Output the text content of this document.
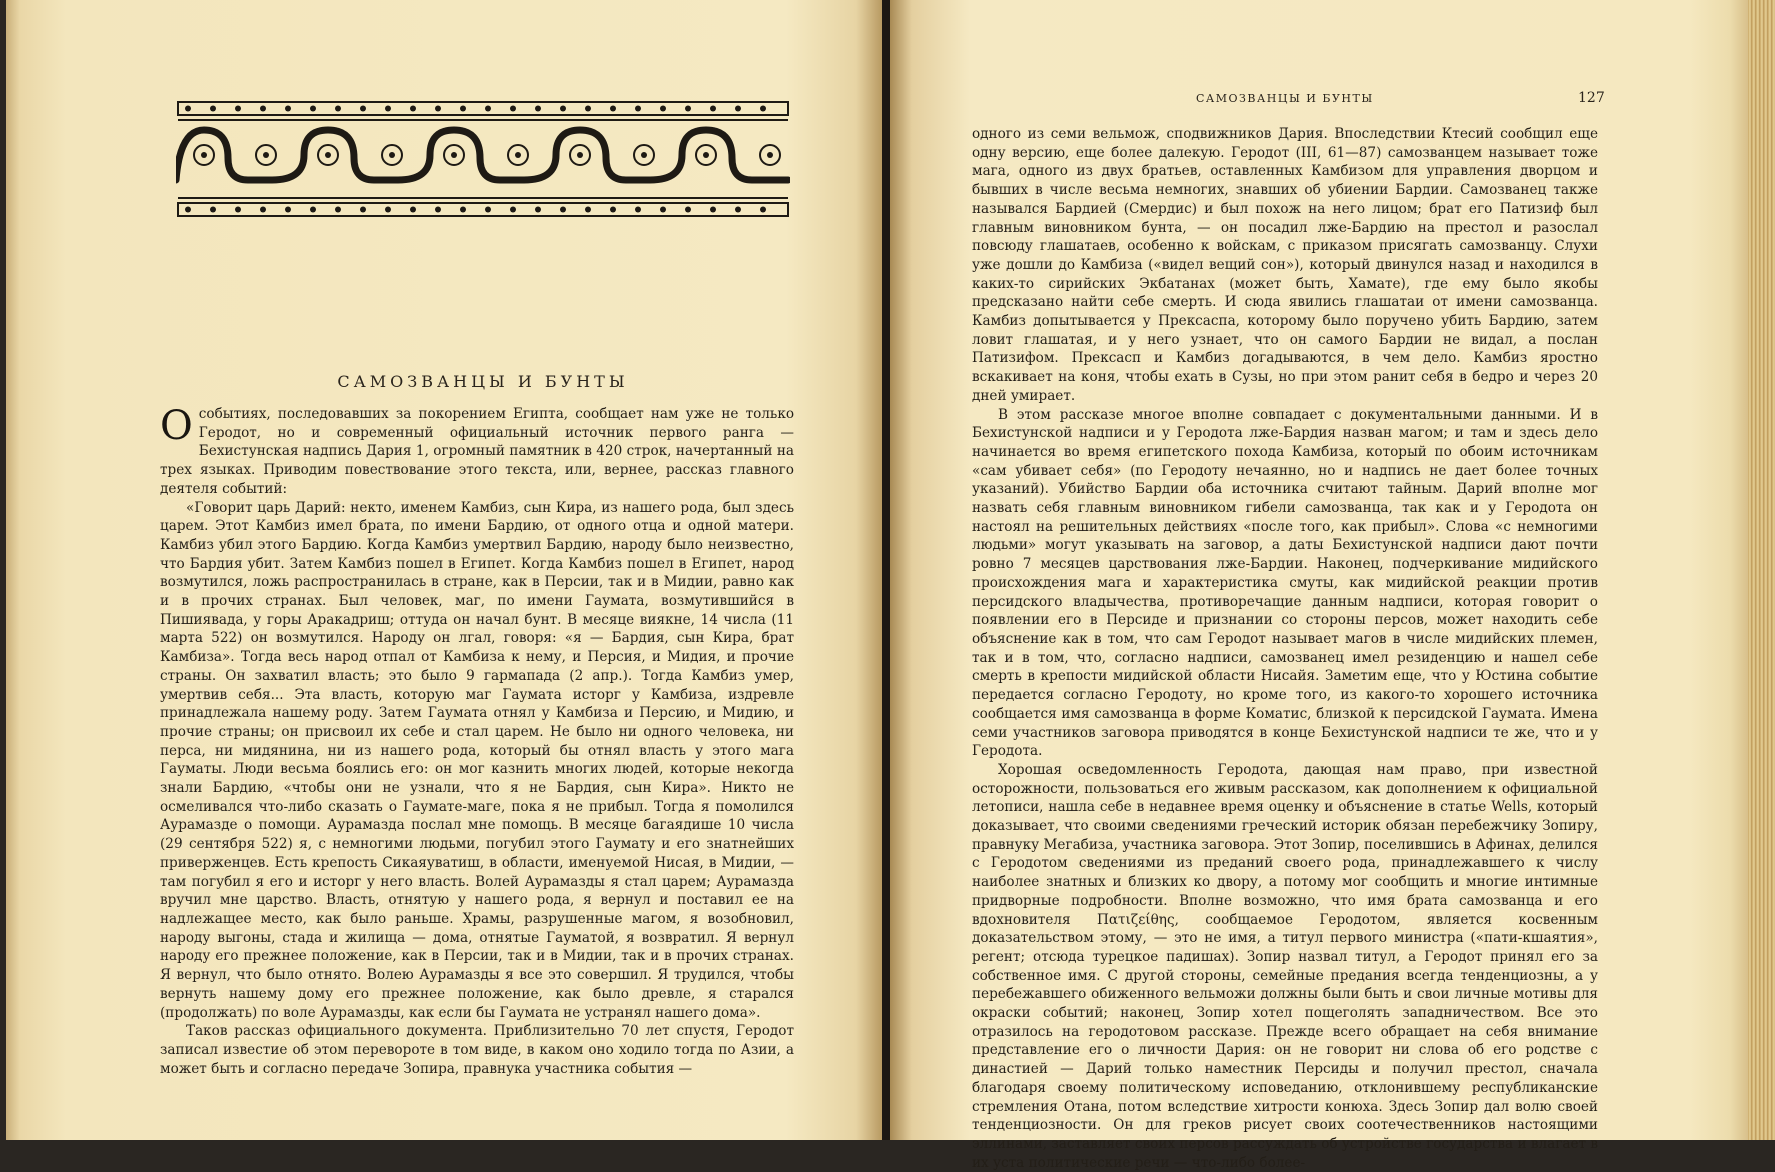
САМОЗВАНЦЫ И БУНТЫ

Особытиях, последовавших за покорением Египта, сообщает нам уже не только Геродот, но и современный официальный источник первого ранга — Бехистунская надпись Дария 1, огромный памятник в 420 строк, начертанный на трех языках. Приводим повествование этого текста, или, вернее, рассказ главного деятеля событий:

«Говорит царь Дарий: некто, именем Камбиз, сын Кира, из нашего рода, был здесь царем. Этот Камбиз имел брата, по имени Бардию, от одного отца и одной матери. Камбиз убил этого Бардию. Когда Камбиз умертвил Бардию, народу было неизвестно, что Бардия убит. Затем Камбиз пошел в Египет. Когда Камбиз пошел в Египет, народ возмутился, ложь распространилась в стране, как в Персии, так и в Мидии, равно как и в прочих странах. Был человек, маг, по имени Гаумата, возмутившийся в Пишиявада, у горы Аракадриш; оттуда он начал бунт. В месяце виякне, 14 числа (11 марта 522) он возмутился. Народу он лгал, говоря: «я — Бардия, сын Кира, брат Камбиза». Тогда весь народ отпал от Камбиза к нему, и Персия, и Мидия, и прочие страны. Он захватил власть; это было 9 гармапада (2 апр.). Тогда Камбиз умер, умертвив себя... Эта власть, которую маг Гаумата исторг у Камбиза, издревле принадлежала нашему роду. Затем Гаумата отнял у Камбиза и Персию, и Мидию, и прочие страны; он присвоил их себе и стал царем. Не было ни одного человека, ни перса, ни мидянина, ни из нашего рода, который бы отнял власть у этого мага Гауматы. Люди весьма боялись его: он мог казнить многих людей, которые некогда знали Бардию, «чтобы они не узнали, что я не Бардия, сын Кира». Никто не осмеливался что-либо сказать о Гаумате-маге, пока я не прибыл. Тогда я помолился Аурамазде о помощи. Аурамазда послал мне помощь. В месяце багаядише 10 числа (29 сентября 522) я, с немногими людьми, погубил этого Гаумату и его знатнейших приверженцев. Есть крепость Сикаяуватиш, в области, именуемой Нисая, в Мидии, — там погубил я его и исторг у него власть. Волей Аурамазды я стал царем; Аурамазда вручил мне царство. Власть, отнятую у нашего рода, я вернул и поставил ее на надлежащее место, как было раньше. Храмы, разрушенные магом, я возобновил, народу выгоны, стада и жилища — дома, отнятые Гауматой, я возвратил. Я вернул народу его прежнее положение, как в Персии, так и в Мидии, так и в прочих странах. Я вернул, что было отнято. Волею Аурамазды я все это совершил. Я трудился, чтобы вернуть нашему дому его прежнее положение, как было древле, я старался (продолжать) по воле Аурамазды, как если бы Гаумата не устранял нашего дома».

Таков рассказ официального документа. Приблизительно 70 лет спустя, Геродот записал известие об этом перевороте в том виде, в каком оно ходило тогда по Азии, а может быть и согласно передаче Зопира, правнука участника события —

САМОЗВАНЦЫ И БУНТЫ	127

одного из семи вельмож, сподвижников Дария. Впоследствии Ктесий сообщил еще одну версию, еще более далекую. Геродот (III, 61—87) самозванцем называет тоже мага, одного из двух братьев, оставленных Камбизом для управления дворцом и бывших в числе весьма немногих, знавших об убиении Бардии. Самозванец также назывался Бардией (Смердис) и был похож на него лицом; брат его Патизиф был главным виновником бунта, — он посадил лже-Бардию на престол и разослал повсюду глашатаев, особенно к войскам, с приказом присягать самозванцу. Слухи уже дошли до Камбиза («видел вещий сон»), который двинулся назад и находился в каких-то сирийских Экбатанах (может быть, Хамате), где ему было якобы предсказано найти себе смерть. И сюда явились глашатаи от имени самозванца. Камбиз допытывается у Прексаспа, которому было поручено убить Бардию, затем ловит глашатая, и у него узнает, что он самого Бардии не видал, а послан Патизифом. Прексасп и Камбиз догадываются, в чем дело. Камбиз яростно вскакивает на коня, чтобы ехать в Сузы, но при этом ранит себя в бедро и через 20 дней умирает.

В этом рассказе многое вполне совпадает с документальными данными. И в Бехистунской надписи и у Геродота лже-Бардия назван магом; и там и здесь дело начинается во время египетского похода Камбиза, который по обоим источникам «сам убивает себя» (по Геродоту нечаянно, но и надпись не дает более точных указаний). Убийство Бардии оба источника считают тайным. Дарий вполне мог назвать себя главным виновником гибели самозванца, так как и у Геродота он настоял на решительных действиях «после того, как прибыл». Слова «с немногими людьми» могут указывать на заговор, а даты Бехистунской надписи дают почти ровно 7 месяцев царствования лже-Бардии. Наконец, подчеркивание мидийского происхождения мага и характеристика смуты, как мидийской реакции против персидского владычества, противоречащие данным надписи, которая говорит о появлении его в Персиде и признании со стороны персов, может находить себе объяснение как в том, что сам Геродот называет магов в числе мидийских племен, так и в том, что, согласно надписи, самозванец имел резиденцию и нашел себе смерть в крепости мидийской области Нисайя. Заметим еще, что у Юстина событие передается согласно Геродоту, но кроме того, из какого-то хорошего источника сообщается имя самозванца в форме Коматис, близкой к персидской Гаумата. Имена семи участников заговора приводятся в конце Бехистунской надписи те же, что и у Геродота.

Хорошая осведомленность Геродота, дающая нам право, при известной осторожности, пользоваться его живым рассказом, как дополнением к официальной летописи, нашла себе в недавнее время оценку и объяснение в статье Wells, который доказывает, что своими сведениями греческий историк обязан перебежчику Зопиру, правнуку Мегабиза, участника заговора. Этот Зопир, поселившись в Афинах, делился с Геродотом сведениями из преданий своего рода, принадлежавшего к числу наиболее знатных и близких ко двору, а потому мог сообщить и многие интимные придворные подробности. Вполне возможно, что имя брата самозванца и его вдохновителя Πατιζείθης, сообщаемое Геродотом, является косвенным доказательством этому, — это не имя, а титул первого министра («пати-кшаятия», регент; отсюда турецкое падишах). Зопир назвал титул, а Геродот принял его за собственное имя. С другой стороны, семейные предания всегда тенденциозны, а у перебежавшего обиженного вельможи должны были быть и свои личные мотивы для окраски событий; наконец, Зопир хотел пощеголять западничеством. Все это отразилось на геродотовом рассказе. Прежде всего обращает на себя внимание представление его о личности Дария: он не говорит ни слова об его родстве с династией — Дарий только наместник Персиды и получил престол, сначала благодаря своему политическому исповеданию, отклонившему республиканские стремления Отана, потом вследствие хитрости конюха. Здесь Зопир дал волю своей тенденциозности. Он для греков рисует своих соотечественников настоящими эллинами, заставляет своих персов рассуждать об устройстве государства и влагает в их уста политические речи — что-либо более-
